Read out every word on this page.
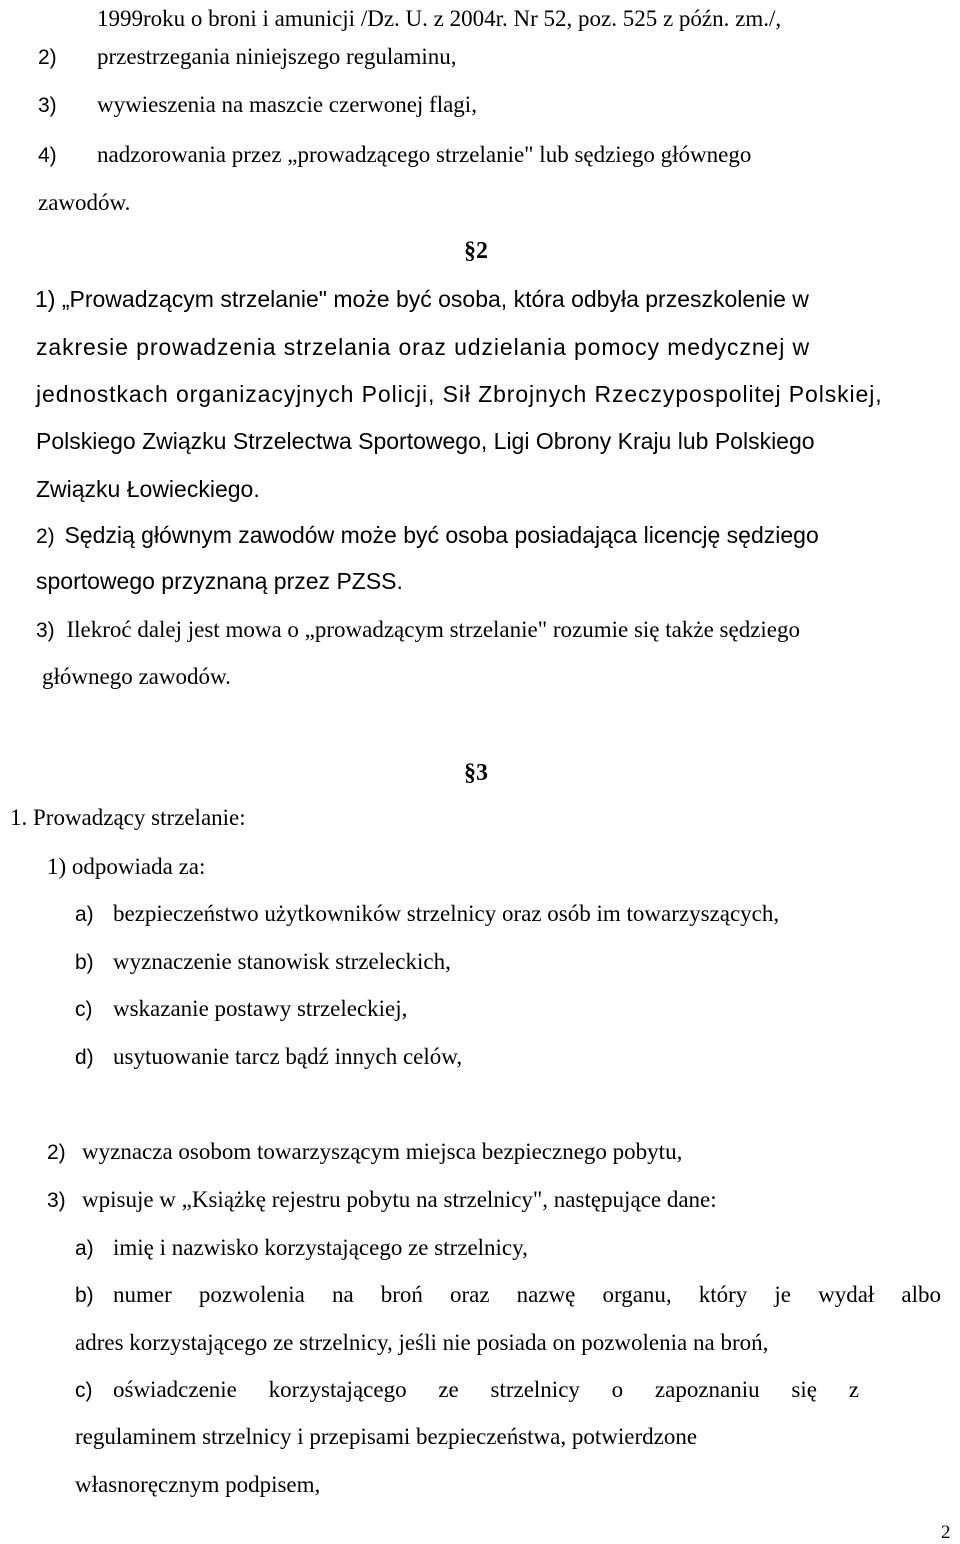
1999roku o broni i amunicji /Dz. U. z 2004r. Nr 52, poz. 525 z późn. zm./,
2) przestrzegania niniejszego regulaminu,
3) wywieszenia na maszcie czerwonej flagi,
4) nadzorowania przez „prowadzącego strzelanie" lub sędziego głównego
zawodów.
§2
1) „Prowadzącym strzelanie" może być osoba, która odbyła przeszkolenie w
zakresie prowadzenia strzelania oraz udzielania pomocy medycznej w
jednostkach organizacyjnych Policji, Sił Zbrojnych Rzeczypospolitej Polskiej,
Polskiego Związku Strzelectwa Sportowego, Ligi Obrony Kraju lub Polskiego
Związku Łowieckiego.
2) Sędzią głównym zawodów może być osoba posiadająca licencję sędziego
sportowego przyznaną przez PZSS.
3) Ilekroć dalej jest mowa o „prowadzącym strzelanie" rozumie się także sędziego
głównego zawodów.
§3
1. Prowadzący strzelanie:
1) odpowiada za:
a) bezpieczeństwo użytkowników strzelnicy oraz osób im towarzyszących,
b) wyznaczenie stanowisk strzeleckich,
c) wskazanie postawy strzeleckiej,
d) usytuowanie tarcz bądź innych celów,
2) wyznacza osobom towarzyszącym miejsca bezpiecznego pobytu,
3) wpisuje w „Książkę rejestru pobytu na strzelnicy", następujące dane:
a) imię i nazwisko korzystającego ze strzelnicy,
b) numer pozwolenia na broń oraz nazwę organu, który je wydał albo
adres korzystającego ze strzelnicy, jeśli nie posiada on pozwolenia na broń,
c) oświadczenie korzystającego ze strzelnicy o zapoznaniu się z
regulaminem strzelnicy i przepisami bezpieczeństwa, potwierdzone
własnoręcznym podpisem,
2
